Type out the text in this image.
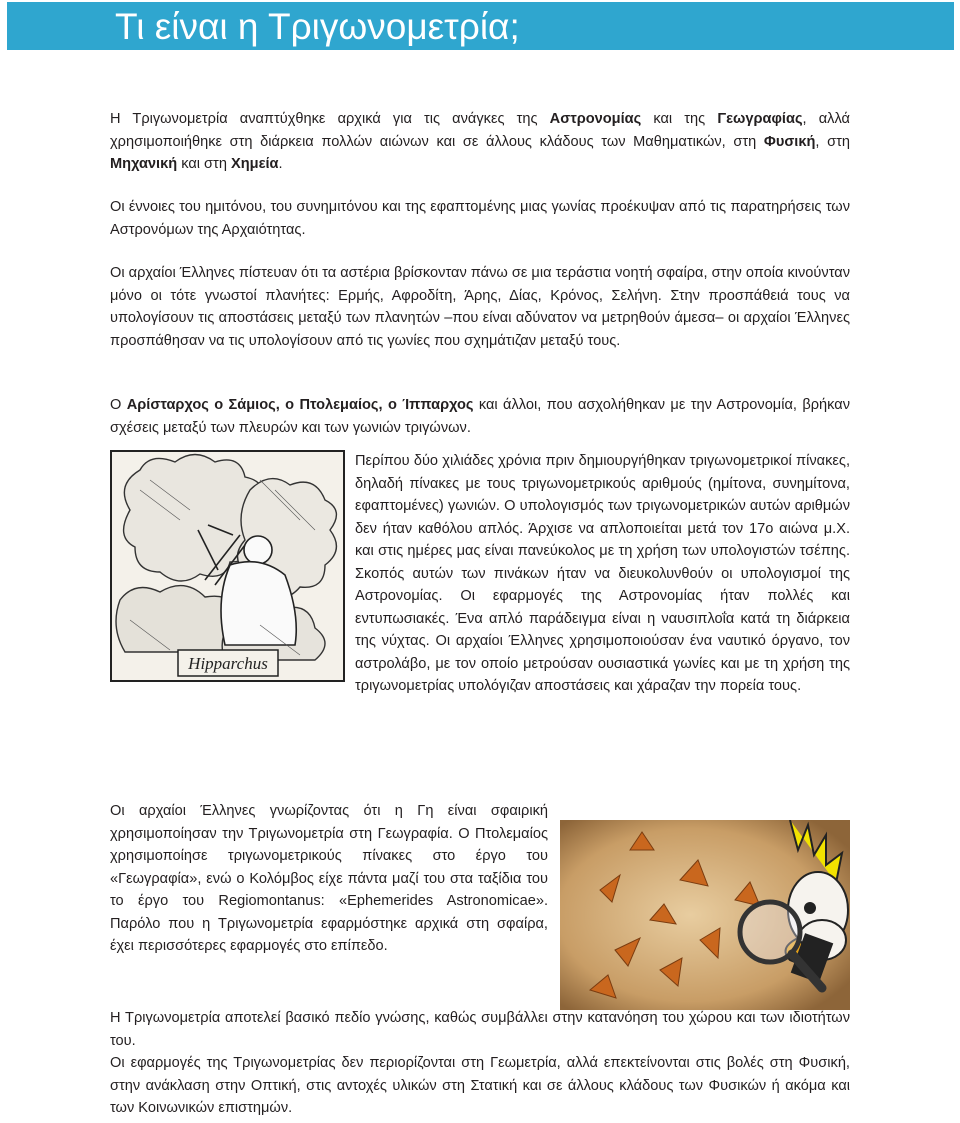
Τι είναι η Τριγωνομετρία;

Η Τριγωνομετρία αναπτύχθηκε αρχικά για τις ανάγκες της Αστρονομίας και της Γεωγραφίας, αλλά χρησιμοποιήθηκε στη διάρκεια πολλών αιώνων και σε άλλους κλάδους των Μαθηματικών, στη Φυσική, στη Μηχανική και στη Χημεία.

Οι έννοιες του ημιτόνου, του συνημιτόνου και της εφαπτομένης μιας γωνίας προέκυψαν από τις παρατηρήσεις των Αστρονόμων της Αρχαιότητας.

Οι αρχαίοι Έλληνες πίστευαν ότι τα αστέρια βρίσκονταν πάνω σε μια τεράστια νοητή σφαίρα, στην οποία κινούνταν μόνο οι τότε γνωστοί πλανήτες: Ερμής, Αφροδίτη, Άρης, Δίας, Κρόνος, Σελήνη. Στην προσπάθειά τους να υπολογίσουν τις αποστάσεις μεταξύ των πλανητών –που είναι αδύνατον να μετρηθούν άμεσα– οι αρχαίοι Έλληνες προσπάθησαν να τις υπολογίσουν από τις γωνίες που σχημάτιζαν μεταξύ τους.

Ο Αρίσταρχος ο Σάμιος, ο Πτολεμαίος, ο Ίππαρχος και άλλοι, που ασχολήθηκαν με την Αστρονομία, βρήκαν σχέσεις μεταξύ των πλευρών και των γωνιών τριγώνων.

Hipparchus
Περίπου δύο χιλιάδες χρόνια πριν δημιουργήθηκαν τριγωνομετρικοί πίνακες, δηλαδή πίνακες με τους τριγωνομετρικούς αριθμούς (ημίτονα, συνημίτονα, εφαπτομένες) γωνιών. Ο υπολογισμός των τριγωνομετρικών αυτών αριθμών δεν ήταν καθόλου απλός. Άρχισε να απλοποιείται μετά τον 17ο αιώνα μ.Χ. και στις ημέρες μας είναι πανεύκολος με τη χρήση των υπολογιστών τσέπης. Σκοπός αυτών των πινάκων ήταν να διευκολυνθούν οι υπολογισμοί της Αστρονομίας. Οι εφαρμογές της Αστρονομίας ήταν πολλές και εντυπωσιακές. Ένα απλό παράδειγμα είναι η ναυσιπλοΐα κατά τη διάρκεια της νύχτας. Οι αρχαίοι Έλληνες χρησιμοποιούσαν ένα ναυτικό όργανο, τον αστρολάβο, με τον οποίο μετρούσαν ουσιαστικά γωνίες και με τη χρήση της τριγωνομετρίας υπολόγιζαν αποστάσεις και χάραζαν την πορεία τους.
Οι αρχαίοι Έλληνες γνωρίζοντας ότι η Γη είναι σφαιρική χρησιμοποίησαν την Τριγωνομετρία στη Γεωγραφία. Ο Πτολεμαίος χρησιμοποίησε τριγωνομετρικούς πίνακες στο έργο του «Γεωγραφία», ενώ ο Κολόμβος είχε πάντα μαζί του στα ταξίδια του το έργο του Regiomontanus: «Ephemerides Astronomicae». Παρόλο που η Τριγωνομετρία εφαρμόστηκε αρχικά στη σφαίρα, έχει περισσότερες εφαρμογές στο επίπεδο.
Η Τριγωνομετρία αποτελεί βασικό πεδίο γνώσης, καθώς συμβάλλει στην κατανόηση του χώρου και των ιδιοτήτων του.
Οι εφαρμογές της Τριγωνομετρίας δεν περιορίζονται στη Γεωμετρία, αλλά επεκτείνονται στις βολές στη Φυσική, στην ανάκλαση στην Οπτική, στις αντοχές υλικών στη Στατική και σε άλλους κλάδους των Φυσικών ή ακόμα και των Κοινωνικών επιστημών.
